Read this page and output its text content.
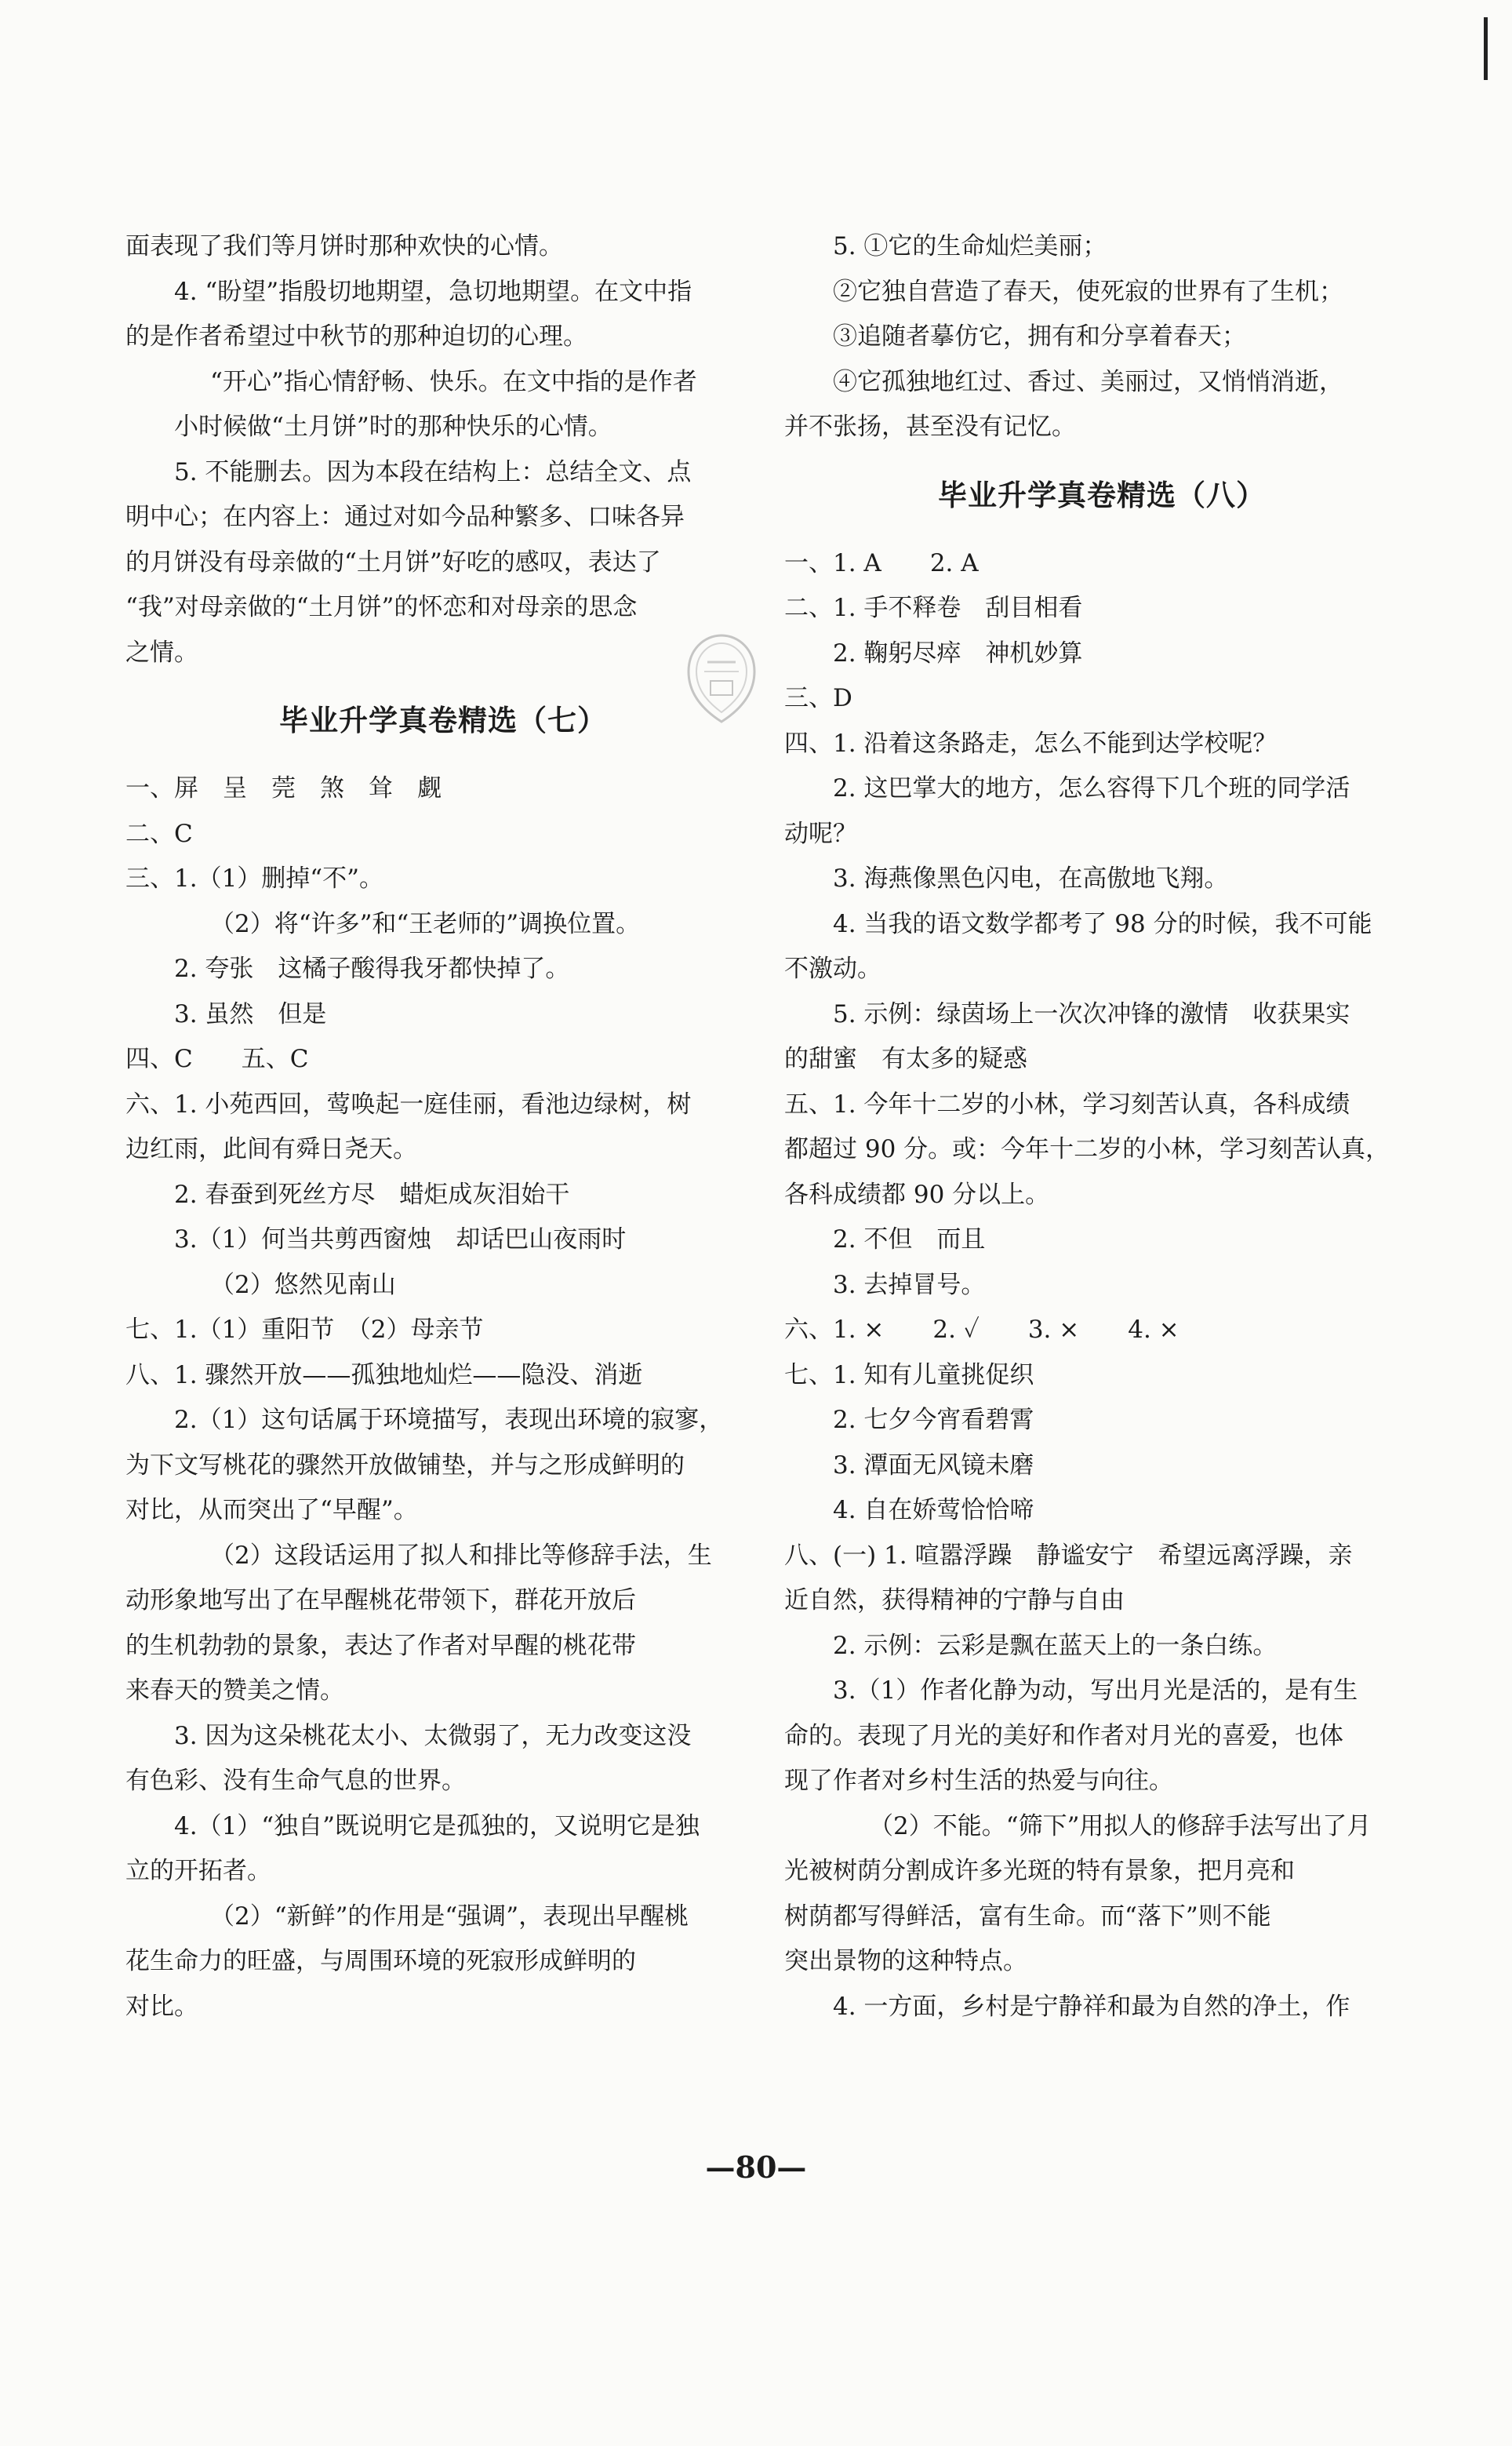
面表现了我们等月饼时那种欢快的心情。
4. “盼望”指殷切地期望，急切地期望。在文中指
的是作者希望过中秋节的那种迫切的心理。
“开心”指心情舒畅、快乐。在文中指的是作者
小时候做“土月饼”时的那种快乐的心情。
5. 不能删去。因为本段在结构上：总结全文、点
明中心；在内容上：通过对如今品种繁多、口味各异
的月饼没有母亲做的“土月饼”好吃的感叹，表达了
“我”对母亲做的“土月饼”的怀恋和对母亲的思念
之情。
毕业升学真卷精选（七）
一、屏　呈　莞　煞　耸　觑
二、C
三、1.（1）删掉“不”。
（2）将“许多”和“王老师的”调换位置。
2. 夸张　这橘子酸得我牙都快掉了。
3. 虽然　但是
四、C　　五、C
六、1. 小苑西回，莺唤起一庭佳丽，看池边绿树，树
边红雨，此间有舜日尧天。
2. 春蚕到死丝方尽　蜡炬成灰泪始干
3.（1）何当共剪西窗烛　却话巴山夜雨时
（2）悠然见南山
七、1.（1）重阳节　（2）母亲节
八、1. 骤然开放——孤独地灿烂——隐没、消逝
2.（1）这句话属于环境描写，表现出环境的寂寥，
为下文写桃花的骤然开放做铺垫，并与之形成鲜明的
对比，从而突出了“早醒”。
（2）这段话运用了拟人和排比等修辞手法，生
动形象地写出了在早醒桃花带领下，群花开放后
的生机勃勃的景象，表达了作者对早醒的桃花带
来春天的赞美之情。
3. 因为这朵桃花太小、太微弱了，无力改变这没
有色彩、没有生命气息的世界。
4.（1）“独自”既说明它是孤独的，又说明它是独
立的开拓者。
（2）“新鲜”的作用是“强调”，表现出早醒桃
花生命力的旺盛，与周围环境的死寂形成鲜明的
对比。
5. ①它的生命灿烂美丽；
②它独自营造了春天，使死寂的世界有了生机；
③追随者摹仿它，拥有和分享着春天；
④它孤独地红过、香过、美丽过，又悄悄消逝，
并不张扬，甚至没有记忆。
毕业升学真卷精选（八）
一、1. A　　2. A
二、1. 手不释卷　刮目相看
2. 鞠躬尽瘁　神机妙算
三、D
四、1. 沿着这条路走，怎么不能到达学校呢？
2. 这巴掌大的地方，怎么容得下几个班的同学活
动呢？
3. 海燕像黑色闪电，在高傲地飞翔。
4. 当我的语文数学都考了 98 分的时候，我不可能
不激动。
5. 示例：绿茵场上一次次冲锋的激情　收获果实
的甜蜜　有太多的疑惑
五、1. 今年十二岁的小林，学习刻苦认真，各科成绩
都超过 90 分。或：今年十二岁的小林，学习刻苦认真，
各科成绩都 90 分以上。
2. 不但　而且
3. 去掉冒号。
六、1. ×　　2. ✓　　3. ×　　4. ×
七、1. 知有儿童挑促织
2. 七夕今宵看碧霄
3. 潭面无风镜未磨
4. 自在娇莺恰恰啼
八、(一) 1. 喧嚣浮躁　静谧安宁　希望远离浮躁，亲
近自然，获得精神的宁静与自由
2. 示例：云彩是飘在蓝天上的一条白练。
3.（1）作者化静为动，写出月光是活的，是有生
命的。表现了月光的美好和作者对月光的喜爱，也体
现了作者对乡村生活的热爱与向往。
（2）不能。“筛下”用拟人的修辞手法写出了月
光被树荫分割成许多光斑的特有景象，把月亮和
树荫都写得鲜活，富有生命。而“落下”则不能
突出景物的这种特点。
4. 一方面，乡村是宁静祥和最为自然的净土，作
—80—
